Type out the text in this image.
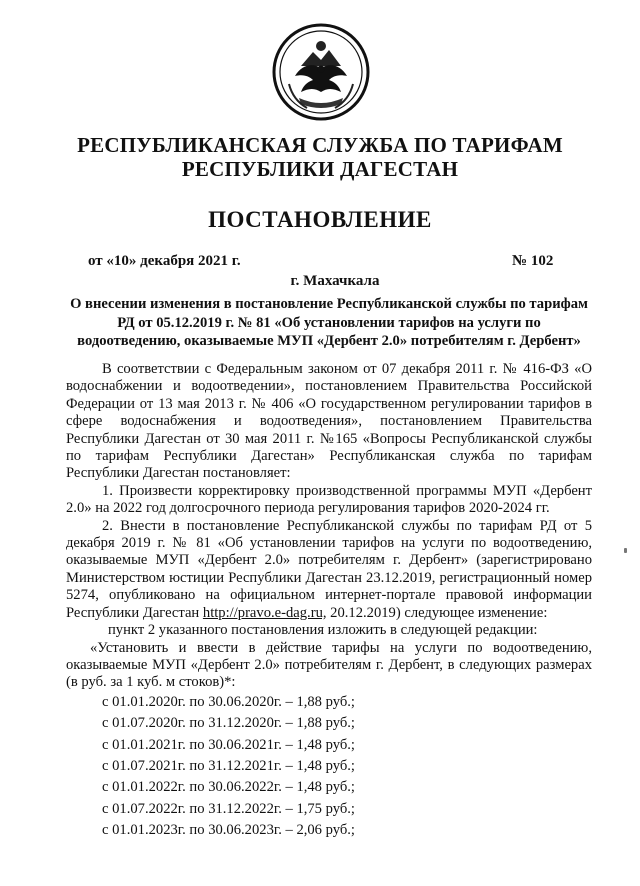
РЕСПУБЛИКАНСКАЯ СЛУЖБА ПО ТАРИФАМ
РЕСПУБЛИКИ ДАГЕСТАН
ПОСТАНОВЛЕНИЕ
от «10» декабря 2021 г.	№ 102
г. Махачкала
О внесении изменения в постановление Республиканской службы по тарифам РД от 05.12.2019 г. № 81 «Об установлении тарифов на услуги по водоотведению, оказываемые МУП «Дербент 2.0» потребителям г. Дербент»

В соответствии с Федеральным законом от 07 декабря 2011 г. № 416-ФЗ «О водоснабжении и водоотведении», постановлением Правительства Российской Федерации от 13 мая 2013 г. № 406 «О государственном регулировании тарифов в сфере водоснабжения и водоотведения», постановлением Правительства Республики Дагестан от 30 мая 2011 г. №165 «Вопросы Республиканской службы по тарифам Республики Дагестан» Республиканская служба по тарифам Республики Дагестан постановляет:

1. Произвести корректировку производственной программы МУП «Дербент 2.0» на 2022 год долгосрочного периода регулирования тарифов 2020-2024 гг.

2. Внести в постановление Республиканской службы по тарифам РД от 5 декабря 2019 г. № 81 «Об установлении тарифов на услуги по водоотведению, оказываемые МУП «Дербент 2.0» потребителям г. Дербент» (зарегистрировано Министерством юстиции Республики Дагестан 23.12.2019, регистрационный номер 5274, опубликовано на официальном интернет-портале правовой информации Республики Дагестан http://pravo.e-dag.ru, 20.12.2019) следующее изменение:

пункт 2 указанного постановления изложить в следующей редакции:

«Установить и ввести в действие тарифы на услуги по водоотведению, оказываемые МУП «Дербент 2.0» потребителям г. Дербент, в следующих размерах (в руб. за 1 куб. м стоков)*:

с 01.01.2020г. по 30.06.2020г. – 1,88 руб.;
с 01.07.2020г. по 31.12.2020г. – 1,88 руб.;
с 01.01.2021г. по 30.06.2021г. – 1,48 руб.;
с 01.07.2021г. по 31.12.2021г. – 1,48 руб.;
с 01.01.2022г. по 30.06.2022г. – 1,48 руб.;
с 01.07.2022г. по 31.12.2022г. – 1,75 руб.;
с 01.01.2023г. по 30.06.2023г. – 2,06 руб.;
